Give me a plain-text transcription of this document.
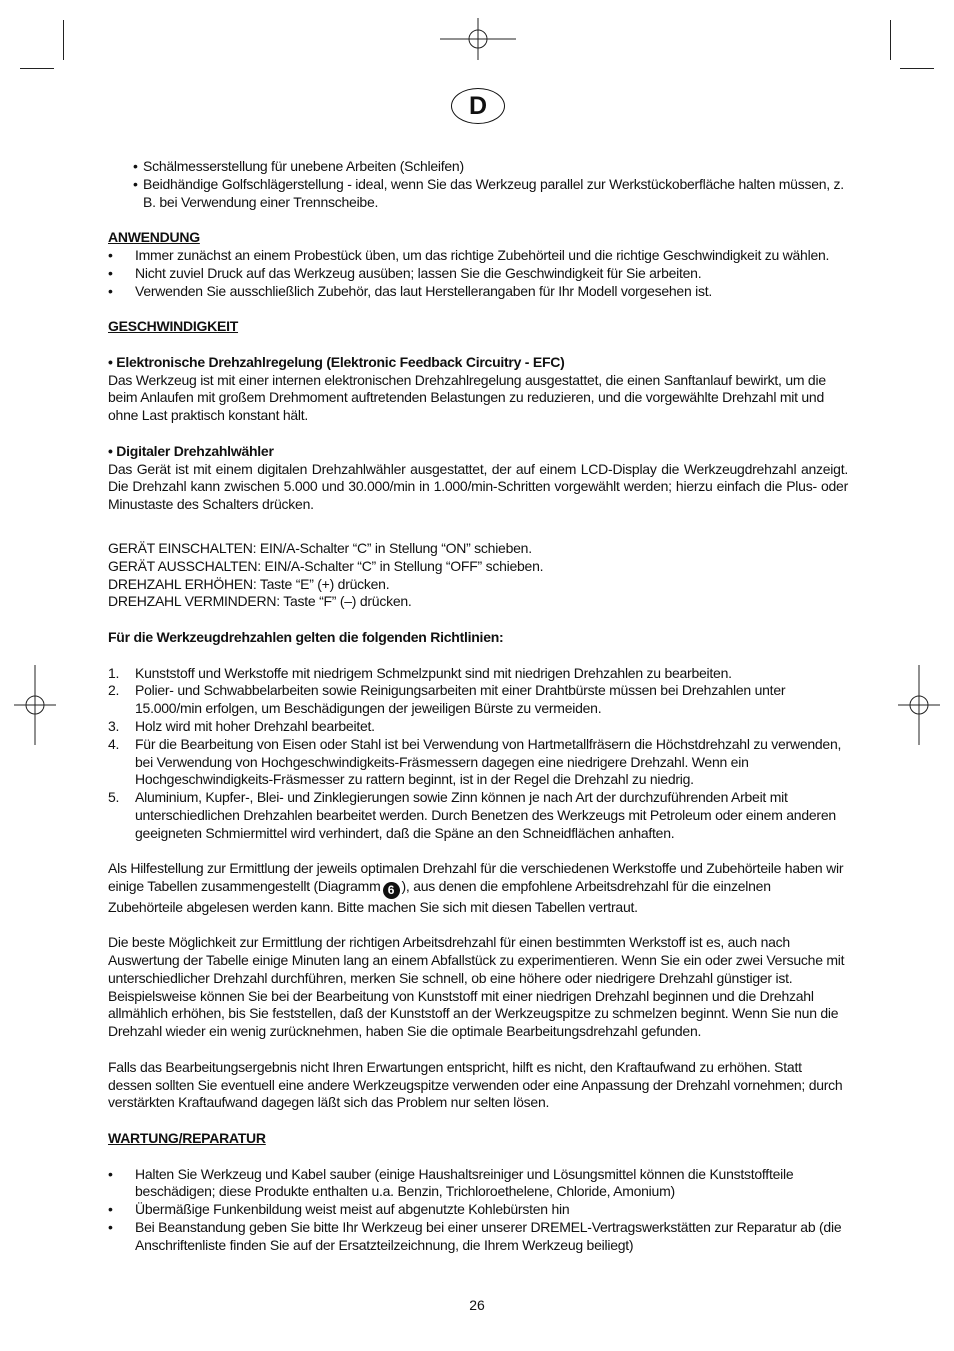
D
• Schälmesserstellung für unebene Arbeiten (Schleifen)
• Beidhändige Golfschlägerstellung - ideal, wenn Sie das Werkzeug parallel zur Werkstückoberfläche halten müssen, z. B. bei Verwendung einer Trennscheibe.

ANWENDUNG

•	Immer zunächst an einem Probestück üben, um das richtige Zubehörteil und die richtige Geschwindigkeit zu wählen.
•	Nicht zuviel Druck auf das Werkzeug ausüben; lassen Sie die Geschwindigkeit für Sie arbeiten.
•	Verwenden Sie ausschließlich Zubehör, das laut Herstellerangaben für Ihr Modell vorgesehen ist.

GESCHWINDIGKEIT

• Elektronische Drehzahlregelung (Elektronic Feedback Circuitry - EFC)

Das Werkzeug ist mit einer internen elektronischen Drehzahlregelung ausgestattet, die einen Sanftanlauf bewirkt, um die beim Anlaufen mit großem Drehmoment auftretenden Belastungen zu reduzieren, und die vorgewählte Drehzahl mit und ohne Last praktisch konstant hält.

• Digitaler Drehzahlwähler

Das Gerät ist mit einem digitalen Drehzahlwähler ausgestattet, der auf einem LCD-Display die Werkzeugdrehzahl anzeigt. Die Drehzahl kann zwischen 5.000 und 30.000/min in 1.000/min-Schritten vorgewählt werden; hierzu einfach die Plus- oder Minustaste des Schalters drücken.

GERÄT EINSCHALTEN: EIN/A-Schalter “C” in Stellung “ON” schieben.

GERÄT AUSSCHALTEN: EIN/A-Schalter “C” in Stellung “OFF” schieben.

DREHZAHL ERHÖHEN: Taste “E” (+) drücken.

DREHZAHL VERMINDERN: Taste “F” (–) drücken.

Für die Werkzeugdrehzahlen gelten die folgenden Richtlinien:

1.	Kunststoff und Werkstoffe mit niedrigem Schmelzpunkt sind mit niedrigen Drehzahlen zu bearbeiten.
2.	Polier- und Schwabbelarbeiten sowie Reinigungsarbeiten mit einer Drahtbürste müssen bei Drehzahlen unter 15.000/min erfolgen, um Beschädigungen der jeweiligen Bürste zu vermeiden.
3.	Holz wird mit hoher Drehzahl bearbeitet.
4.	Für die Bearbeitung von Eisen oder Stahl ist bei Verwendung von Hartmetallfräsern die Höchstdrehzahl zu verwenden, bei Verwendung von Hochgeschwindigkeits-Fräsmessern dagegen eine niedrigere Drehzahl. Wenn ein Hochgeschwindigkeits-Fräsmesser zu rattern beginnt, ist in der Regel die Drehzahl zu niedrig.
5.	Aluminium, Kupfer-, Blei- und Zinklegierungen sowie Zinn können je nach Art der durchzuführenden Arbeit mit unterschiedlichen Drehzahlen bearbeitet werden. Durch Benetzen des Werkzeugs mit Petroleum oder einem anderen geeigneten Schmiermittel wird verhindert, daß die Späne an den Schneidflächen anhaften.

Als Hilfestellung zur Ermittlung der jeweils optimalen Drehzahl für die verschiedenen Werkstoffe und Zubehörteile haben wir einige Tabellen zusammengestellt (Diagramm 6 ), aus denen die empfohlene Arbeitsdrehzahl für die einzelnen Zubehörteile abgelesen werden kann. Bitte machen Sie sich mit diesen Tabellen vertraut.

Die beste Möglichkeit zur Ermittlung der richtigen Arbeitsdrehzahl für einen bestimmten Werkstoff ist es, auch nach Auswertung der Tabelle einige Minuten lang an einem Abfallstück zu experimentieren. Wenn Sie ein oder zwei Versuche mit unterschiedlicher Drehzahl durchführen, merken Sie schnell, ob eine höhere oder niedrigere Drehzahl günstiger ist. Beispielsweise können Sie bei der Bearbeitung von Kunststoff mit einer niedrigen Drehzahl beginnen und die Drehzahl allmählich erhöhen, bis Sie feststellen, daß der Kunststoff an der Werkzeugspitze zu schmelzen beginnt. Wenn Sie nun die Drehzahl wieder ein wenig zurücknehmen, haben Sie die optimale Bearbeitungsdrehzahl gefunden.

Falls das Bearbeitungsergebnis nicht Ihren Erwartungen entspricht, hilft es nicht, den Kraftaufwand zu erhöhen. Statt dessen sollten Sie eventuell eine andere Werkzeugspitze verwenden oder eine Anpassung der Drehzahl vornehmen; durch verstärkten Kraftaufwand dagegen läßt sich das Problem nur selten lösen.

WARTUNG/REPARATUR

•	Halten Sie Werkzeug und Kabel sauber (einige Haushaltsreiniger und Lösungsmittel können die Kunststoffteile beschädigen; diese Produkte enthalten u.a. Benzin, Trichloroethelene, Chloride, Amonium)
•	Übermäßige Funkenbildung weist meist auf abgenutzte Kohlebürsten hin
•	Bei Beanstandung geben Sie bitte Ihr Werkzeug bei einer unserer DREMEL-Vertragswerkstätten zur Reparatur ab (die Anschriftenliste finden Sie auf der Ersatzteilzeichnung, die Ihrem Werkzeug beiliegt)
26
